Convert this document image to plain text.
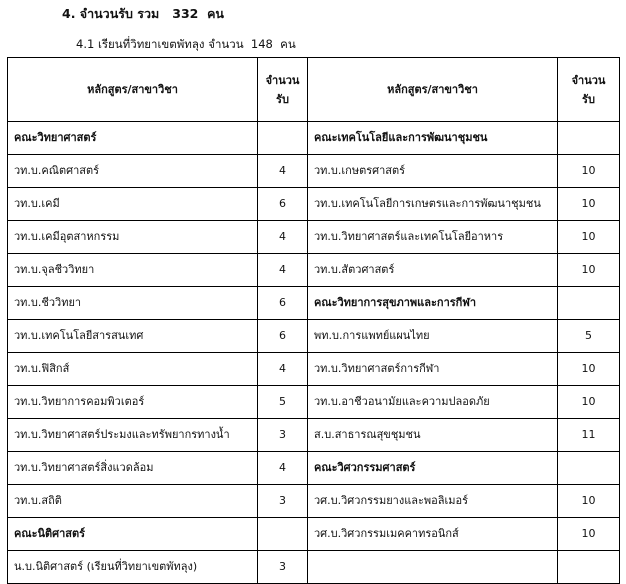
4. จำนวนรับ รวม   332  คน
4.1 เรียนที่วิทยาเขตพัทลุง จำนวน  148  คน
หลักสูตร/สาขาวิชา	จำนวน รับ	หลักสูตร/สาขาวิชา	จำนวน รับ
คณะวิทยาศาสตร์		คณะเทคโนโลยีและการพัฒนาชุมชน	
วท.บ.คณิตศาสตร์	4	วท.บ.เกษตรศาสตร์	10
วท.บ.เคมี	6	วท.บ.เทคโนโลยีการเกษตรและการพัฒนาชุมชน	10
วท.บ.เคมีอุตสาหกรรม	4	วท.บ.วิทยาศาสตร์และเทคโนโลยีอาหาร	10
วท.บ.จุลชีววิทยา	4	วท.บ.สัตวศาสตร์	10
วท.บ.ชีววิทยา	6	คณะวิทยาการสุขภาพและการกีฬา	
วท.บ.เทคโนโลยีสารสนเทศ	6	พท.บ.การแพทย์แผนไทย	5
วท.บ.ฟิสิกส์	4	วท.บ.วิทยาศาสตร์การกีฬา	10
วท.บ.วิทยาการคอมพิวเตอร์	5	วท.บ.อาชีวอนามัยและความปลอดภัย	10
วท.บ.วิทยาศาสตร์ประมงและทรัพยากรทางน้ำ	3	ส.บ.สาธารณสุขชุมชน	11
วท.บ.วิทยาศาสตร์สิ่งแวดล้อม	4	คณะวิศวกรรมศาสตร์	
วท.บ.สถิติ	3	วศ.บ.วิศวกรรมยางและพอลิเมอร์	10
คณะนิติศาสตร์		วศ.บ.วิศวกรรมเมคคาทรอนิกส์	10
น.บ.นิติศาสตร์ (เรียนที่วิทยาเขตพัทลุง)	3		
